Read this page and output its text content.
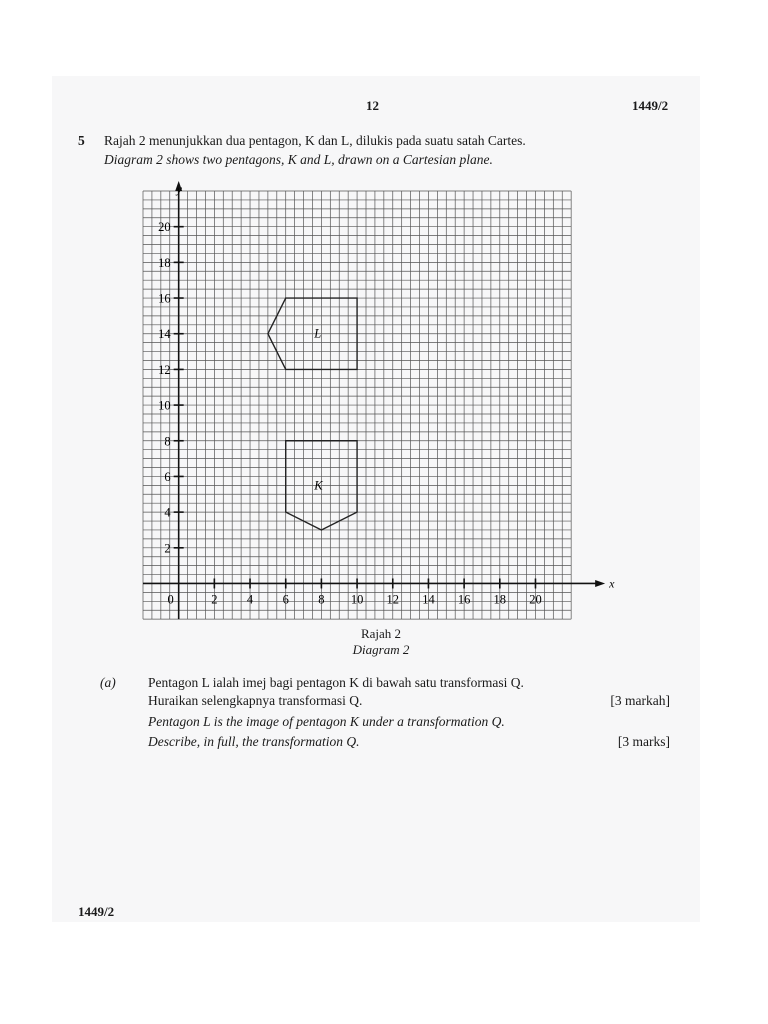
12	1449/2
5 Rajah 2 menunjukkan dua pentagon, K dan L, dilukis pada suatu satah Cartes.
Diagram 2 shows two pentagons, K and L, drawn on a Cartesian plane.
Rajah 2
Diagram 2
(a) Pentagon L ialah imej bagi pentagon K di bawah satu transformasi Q.
Huraikan selengkapnya transformasi Q.	[3 markah]
Pentagon L is the image of pentagon K under a transformation Q.
Describe, in full, the transformation Q.	[3 marks]
1449/2
x
y
0	2 4 6 8 10 12 14 16 18 20
2
4
6
8
10
12
14
16
18
20
K
L
